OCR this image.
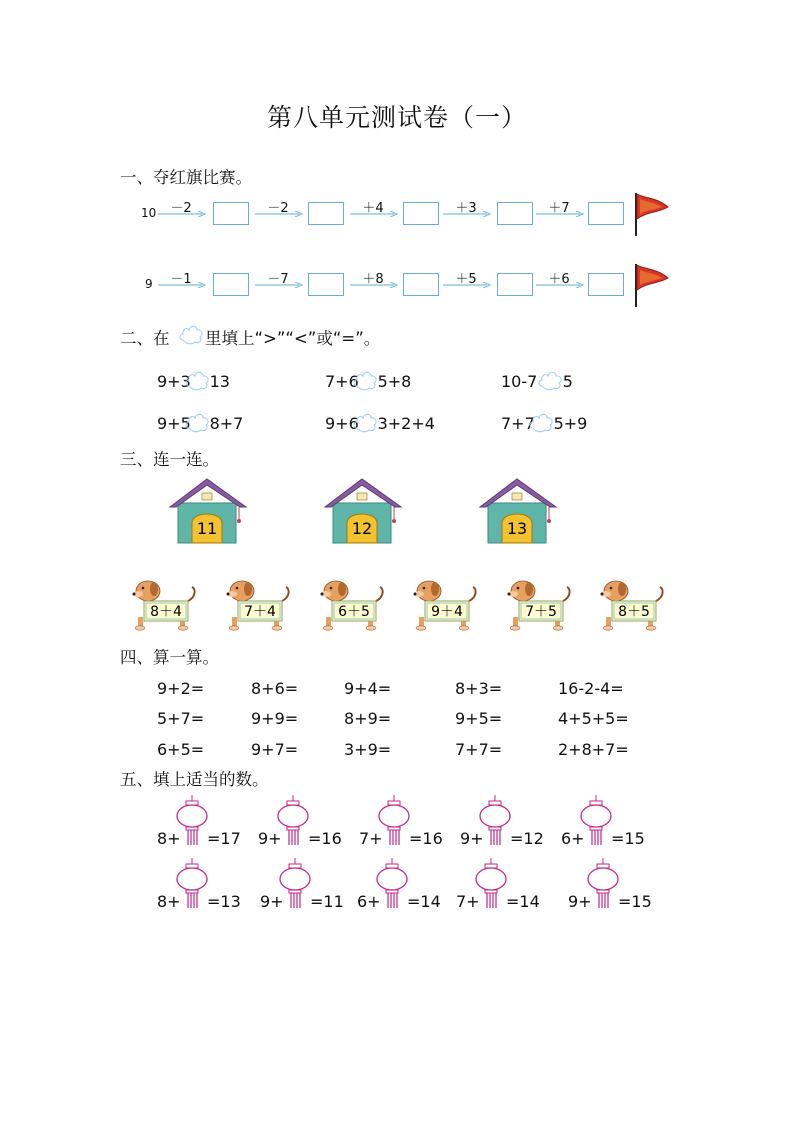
第八单元测试卷（一）
一、夺红旗比赛。
10
9
二、在 里填上“>”“<”或“=”。
三、连一连。
四、算一算。
五、填上适当的数。
－2	－2	＋4	＋3	＋7
－1	－7	＋8	＋5	＋6
9+3 13	7+6 5+8	10-7 5
9+5 8+7	9+6 3+2+4	7+7 5+9
11	12	13
8＋4	7＋4	6＋5	9＋4	7＋5	8＋5
9+2=	8+6=	9+4=	8+3=	16-2-4=
5+7=	9+9=	8+9=	9+5=	4+5+5=
6+5=	9+7=	3+9=	7+7=	2+8+7=
8+ =17 9+ =16 7+ =16 9+ =12 6+ =15
8+ =13 9+ =11 6+ =14 7+ =14 9+ =15
